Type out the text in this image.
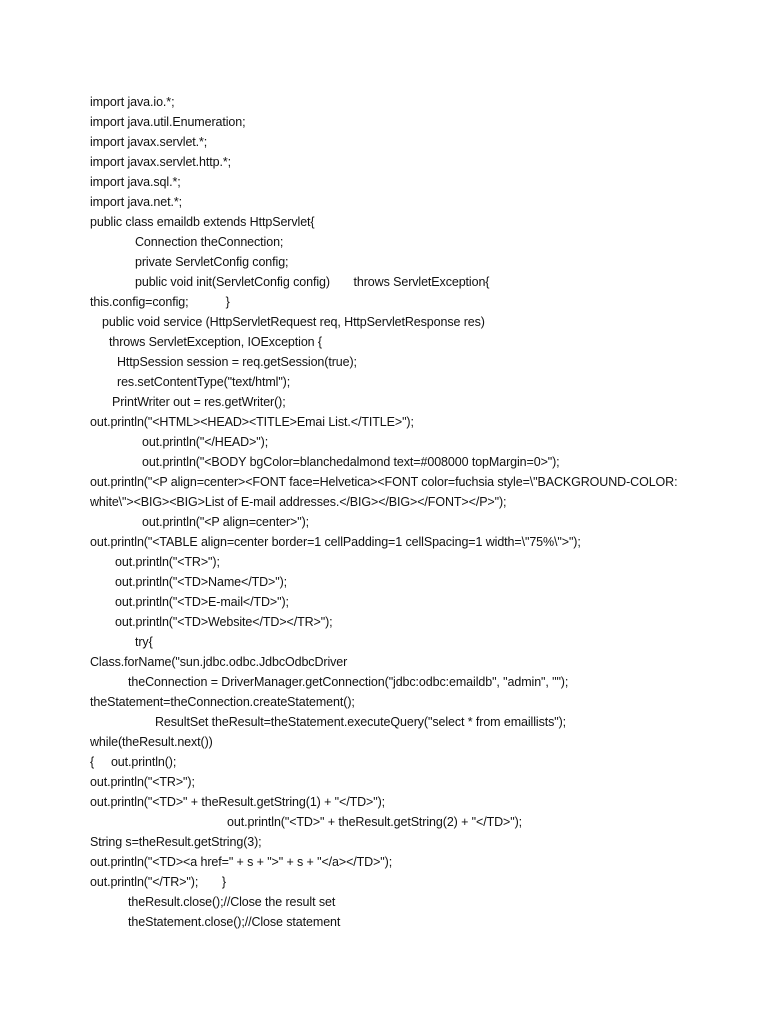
import java.io.*;
import java.util.Enumeration;
import javax.servlet.*;
import javax.servlet.http.*;
import java.sql.*;
import java.net.*;
public class emaildb extends HttpServlet{
Connection theConnection;
private ServletConfig config;
public void init(ServletConfig config)       throws ServletException{
this.config=config;           }
public void service (HttpServletRequest req, HttpServletResponse res)
throws ServletException, IOException {
HttpSession session = req.getSession(true);
res.setContentType("text/html");
PrintWriter out = res.getWriter();
out.println("<HTML><HEAD><TITLE>Emai List.</TITLE>");
out.println("</HEAD>");
out.println("<BODY bgColor=blanchedalmond text=#008000 topMargin=0>");
out.println("<P align=center><FONT face=Helvetica><FONT color=fuchsia style=\"BACKGROUND-COLOR:
white\"><BIG><BIG>List of E-mail addresses.</BIG></BIG></FONT></P>");
out.println("<P align=center>");
out.println("<TABLE align=center border=1 cellPadding=1 cellSpacing=1 width=\"75%\">");
out.println("<TR>");
out.println("<TD>Name</TD>");
out.println("<TD>E-mail</TD>");
out.println("<TD>Website</TD></TR>");
try{
Class.forName("sun.jdbc.odbc.JdbcOdbcDriver
theConnection = DriverManager.getConnection("jdbc:odbc:emaildb", "admin", "");
theStatement=theConnection.createStatement();
ResultSet theResult=theStatement.executeQuery("select * from emaillists");
while(theResult.next())
{     out.println();
out.println("<TR>");
out.println("<TD>" + theResult.getString(1) + "</TD>");
out.println("<TD>" + theResult.getString(2) + "</TD>");
String s=theResult.getString(3);
out.println("<TD><a href=" + s + ">" + s + "</a></TD>");
out.println("</TR>");       }
theResult.close();//Close the result set
theStatement.close();//Close statement
